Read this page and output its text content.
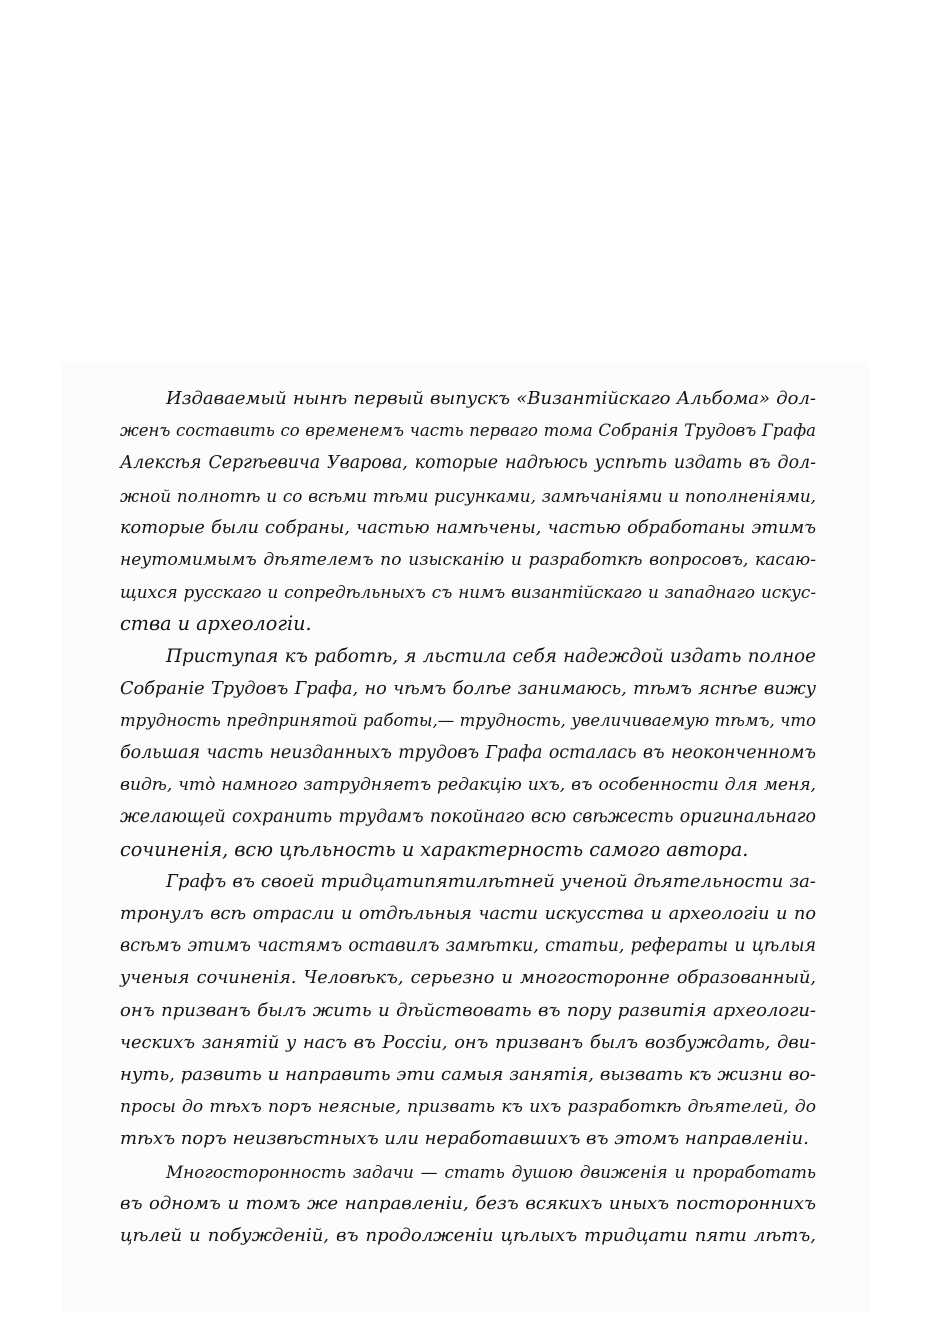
Издаваемый нынѣ первый выпускъ «Византійскаго Альбома» дол-
женъ составить со временемъ часть перваго тома Собранія Трудовъ Графа
Алексѣя Сергѣевича Уварова, которые надѣюсь успѣть издать въ дол-
жной полнотѣ и со всѣми тѣми рисунками, замѣчаніями и пополненіями,
которые были собраны, частью намѣчены, частью обработаны этимъ
неутомимымъ дѣятелемъ по изысканію и разработкѣ вопросовъ, касаю-
щихся русскаго и сопредѣльныхъ съ нимъ византійскаго и западнаго искус-
ства и археологіи.
Приступая къ работѣ, я льстила себя надеждой издать полное
Собраніе Трудовъ Графа, но чѣмъ болѣе занимаюсь, тѣмъ яснѣе вижу
трудность предпринятой работы,— трудность, увеличиваемую тѣмъ, что
большая часть неизданныхъ трудовъ Графа осталась въ неоконченномъ
видѣ, что̀ намного затрудняетъ редакцію ихъ, въ особенности для меня,
желающей сохранить трудамъ покойнаго всю свѣжесть оригинальнаго
сочиненія, всю цѣльность и характерность самого автора.
Графъ въ своей тридцатипятилѣтней ученой дѣятельности за-
тронулъ всѣ отрасли и отдѣльныя части искусства и археологіи и по
всѣмъ этимъ частямъ оставилъ замѣтки, статьи, рефераты и цѣлыя
ученыя сочиненія. Человѣкъ, серьезно и многосторонне образованный,
онъ призванъ былъ жить и дѣйствовать въ пору развитія археологи-
ческихъ занятій у насъ въ Россіи, онъ призванъ былъ возбуждать, дви-
нуть, развить и направить эти самыя занятія, вызвать къ жизни во-
просы до тѣхъ поръ неясные, призвать къ ихъ разработкѣ дѣятелей, до
тѣхъ поръ неизвѣстныхъ или неработавшихъ въ этомъ направленіи.
Многосторонность задачи — стать душою движенія и проработать
въ одномъ и томъ же направленіи, безъ всякихъ иныхъ постороннихъ
цѣлей и побужденій, въ продолженіи цѣлыхъ тридцати пяти лѣтъ,
